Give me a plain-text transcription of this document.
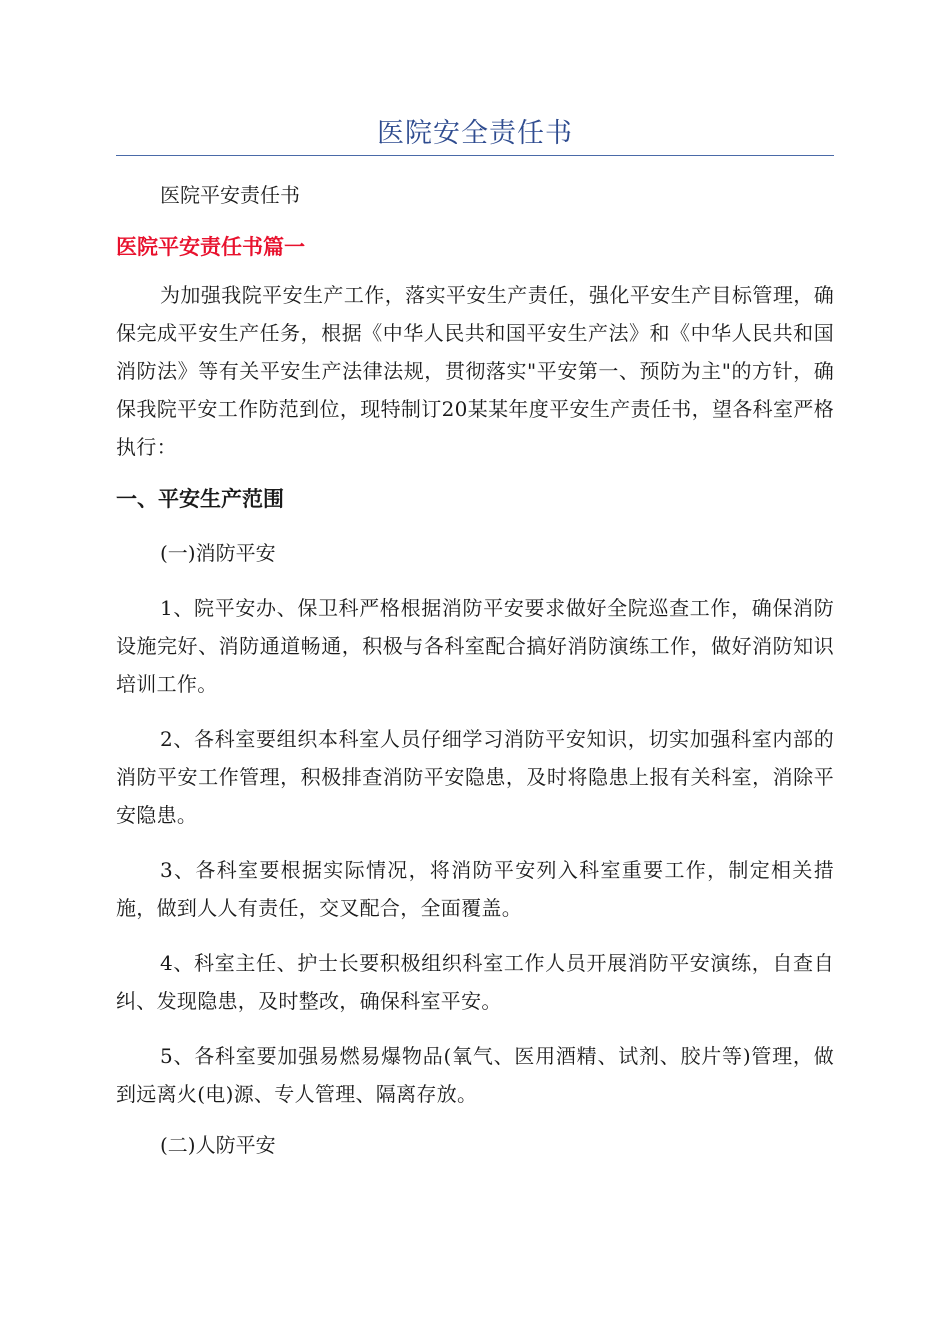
医院安全责任书
医院平安责任书
医院平安责任书篇一
为加强我院平安生产工作，落实平安生产责任，强化平安生产目标管理，确保完成平安生产任务，根据《中华人民共和国平安生产法》和《中华人民共和国消防法》等有关平安生产法律法规，贯彻落实"平安第一、预防为主"的方针，确保我院平安工作防范到位，现特制订20某某年度平安生产责任书，望各科室严格执行：
一、平安生产范围
(一)消防平安
1、院平安办、保卫科严格根据消防平安要求做好全院巡查工作，确保消防设施完好、消防通道畅通，积极与各科室配合搞好消防演练工作，做好消防知识培训工作。
2、各科室要组织本科室人员仔细学习消防平安知识，切实加强科室内部的消防平安工作管理，积极排查消防平安隐患，及时将隐患上报有关科室，消除平安隐患。
3、各科室要根据实际情况，将消防平安列入科室重要工作，制定相关措施，做到人人有责任，交叉配合，全面覆盖。
4、科室主任、护士长要积极组织科室工作人员开展消防平安演练，自查自纠、发现隐患，及时整改，确保科室平安。
5、各科室要加强易燃易爆物品(氧气、医用酒精、试剂、胶片等)管理，做到远离火(电)源、专人管理、隔离存放。
(二)人防平安
